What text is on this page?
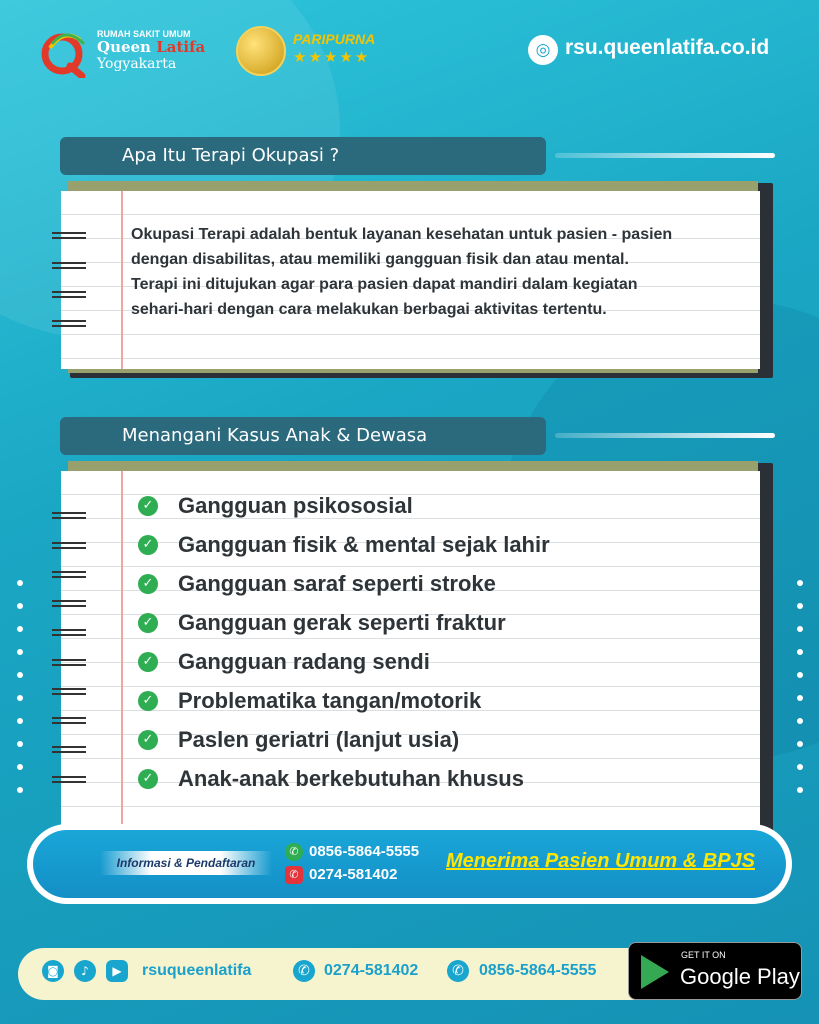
RUMAH SAKIT UMUM
Queen Latifa
Yogyakarta
PARIPURNA
★★★★★	◎ rsu.queenlatifa.co.id
Apa Itu Terapi Okupasi ?
Okupasi Terapi adalah bentuk layanan kesehatan untuk pasien - pasien
dengan disabilitas, atau memiliki gangguan fisik dan atau mental.
Terapi ini ditujukan agar para pasien dapat mandiri dalam kegiatan
sehari-hari dengan cara melakukan berbagai aktivitas tertentu.
Menangani Kasus Anak & Dewasa
✓ Gangguan psikososial
✓ Gangguan fisik & mental sejak lahir
✓ Gangguan saraf seperti stroke
✓ Gangguan gerak seperti fraktur
✓ Gangguan radang sendi
✓ Problematika tangan/motorik
✓ Paslen geriatri (lanjut usia)
✓ Anak-anak berkebutuhan khusus
Informasi & Pendaftaran
✆ 0856-5864-5555
✆ 0274-581402
Menerima Pasien Umum & BPJS
◙	♪	▶	rsuqueenlatifa	✆ 0274-581402	✆ 0856-5864-5555
GET IT ON
Google Play
